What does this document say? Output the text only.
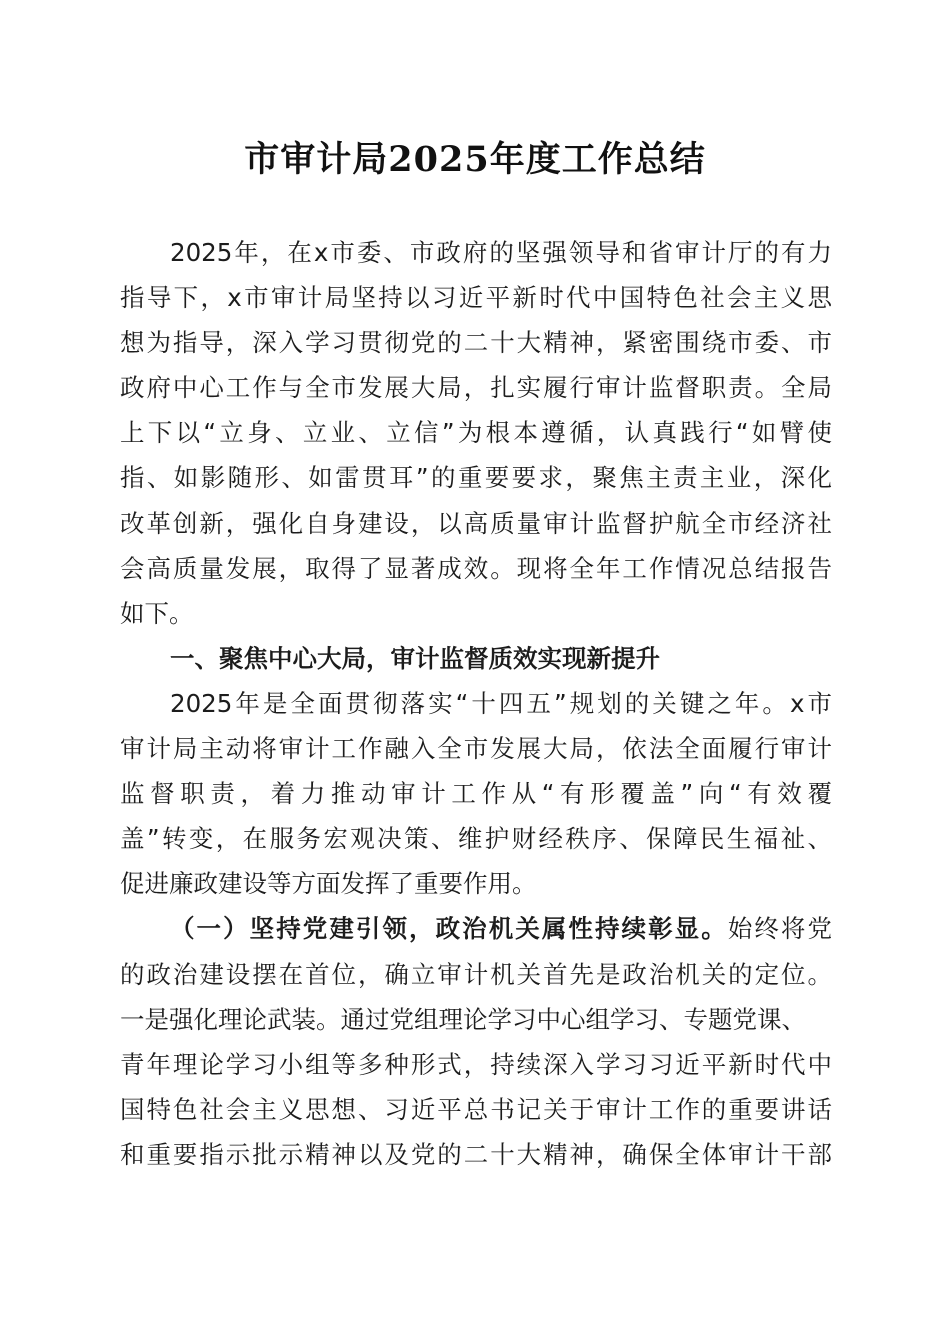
市审计局2025年度工作总结
2025年，在x市委、市政府的坚强领导和省审计厅的有力
指导下，x市审计局坚持以习近平新时代中国特色社会主义思
想为指导，深入学习贯彻党的二十大精神，紧密围绕市委、市
政府中心工作与全市发展大局，扎实履行审计监督职责。全局
上下以“立身、立业、立信”为根本遵循，认真践行“如臂使
指、如影随形、如雷贯耳”的重要要求，聚焦主责主业，深化
改革创新，强化自身建设，以高质量审计监督护航全市经济社
会高质量发展，取得了显著成效。现将全年工作情况总结报告
如下。
一、聚焦中心大局，审计监督质效实现新提升
2025年是全面贯彻落实“十四五”规划的关键之年。x市
审计局主动将审计工作融入全市发展大局，依法全面履行审计
监督职责，着力推动审计工作从“有形覆盖”向“有效覆
盖”转变，在服务宏观决策、维护财经秩序、保障民生福祉、
促进廉政建设等方面发挥了重要作用。
（一）坚持党建引领，政治机关属性持续彰显。始终将党
的政治建设摆在首位，确立审计机关首先是政治机关的定位。
一是强化理论武装。通过党组理论学习中心组学习、专题党课、
青年理论学习小组等多种形式，持续深入学习习近平新时代中
国特色社会主义思想、习近平总书记关于审计工作的重要讲话
和重要指示批示精神以及党的二十大精神，确保全体审计干部
